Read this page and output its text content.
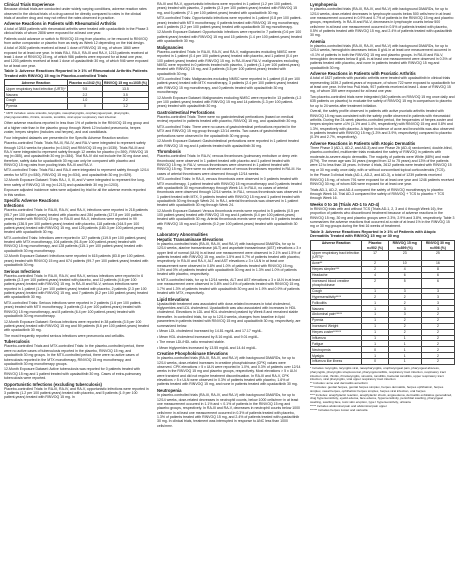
Clinical Trials Experience

Because clinical trials are conducted under widely varying conditions, adverse reaction rates observed in the clinical trials of a drug cannot be directly compared to rates in the clinical trials of another drug and may not reflect the rates observed in practice.

Adverse Reactions in Patients with Rheumatoid Arthritis

A total of 3853 patients with rheumatoid arthritis were treated with upadacitinib in the Phase 3 clinical trials of whom 2806 were exposed for at least one year.

Patients could advance or switch to RINVOQ 15 mg from placebo, or be rescued to RINVOQ from active comparator or placebo from as early as Week 12 depending on the trial design.

A total of 2630 patients received at least 1 dose of RINVOQ 15 mg, of whom 1860 were exposed for at least one year. In trials RA-I, RA-II, RA-III and RA-V, 1213 patients received at least 1 dose of RINVOQ 15 mg, of which 986 patients were exposed for at least one year, and 1203 patients received at least 1 dose of upadacitinib 30 mg, of which 946 were exposed for at least one year.

Table 1: Adverse Reactions Reported in ≥ 1% of Rheumatoid Arthritis Patients Treated with RINVOQ 15 mg in Placebo-controlled Trials

Adverse Reaction	Placebo n=1042 (%)	RINVOQ 15 mg n=1035 (%)
Upper respiratory tract infection (URTI)*	9.5	13.5
Nausea	2.2	3.5
Cough	1.0	2.2
Pyrexia	0	1.2

* URTI includes: acute sinusitis, laryngitis, nasopharyngitis, oropharyngeal pain, pharyngitis, pharyngotonsillitis, rhinitis, sinusitis, tonsillitis, viral upper respiratory tract infection

Other adverse reactions reported in less than 1% of patients in the RINVOQ 15 mg group and at a higher rate than in the placebo group through Week 12 included pneumonia, herpes zoster, herpes simplex (includes oral herpes), and oral candidiasis.

Four integrated datasets are presented in the Specific Adverse Reaction section:

Placebo-controlled Trials: Trials RA-III, RA-IV, and RA-V were integrated to represent safety through 12/14 weeks for placebo (n=1042) and RINVOQ 15 mg (n=1035). Trials RA-III and RA-V were integrated to represent safety through 12 weeks for placebo (n=390), RINVOQ 15 mg (n=385), and upadacitinib 30 mg (n=384). Trial RA-IV did not include the 30 mg dose and, therefore, safety data for upadacitinib 30 mg can only be compared with placebo and RINVOQ 15 mg rates from pooling trials RA-III and RA-V.

MTX-controlled Trials: Trials RA-I and RA-II were integrated to represent safety through 12/14 weeks for MTX (n=530), RINVOQ 15 mg (n=534), and upadacitinib 30 mg (n=529).

12-Month Exposure Dataset: Trials RA-I, II, III, and V were integrated to represent the long-term safety of RINVOQ 15 mg (n=1213) and upadacitinib 30 mg (n=1203).

Exposure adjusted incidence rates were adjusted by trial for all the adverse events reported in this section.

Specific Adverse Reactions

Infections

Placebo-controlled Trials: In RA-III, RA-IV, and RA-V, infections were reported in 218 patients (95.7 per 100 patient-years) treated with placebo and 284 patients (127.8 per 100 patient-years) treated with RINVOQ 15 mg. In RA-III and RA-V, infections were reported in 99 patients (136.5 per 100 patient-years) treated with placebo, 118 patients (164.5 per 100 patient-years) treated with RINVOQ 15 mg, and 126 patients (180.3 per 100 patient-years) treated with upadacitinib 30 mg.

MTX-controlled Trials: Infections were reported in 127 patients (119.5 per 100 patient-years) treated with MTX monotherapy, 104 patients (91.8 per 100 patient-years) treated with RINVOQ 15 mg monotherapy, and 128 patients (115.1 per 100 patient-years) treated with upadacitinib 30 mg monotherapy.

12-Month Exposure Dataset: Infections were reported in 615 patients (83.8 per 100 patient-years) treated with RINVOQ 15 mg and 674 patients (99.7 per 100 patient-years) treated with upadacitinib 30 mg.

Serious Infections

Placebo-controlled Trials: In RA-III, RA-IV, and RA-V, serious infections were reported in 6 patients (2.3 per 100 patient-years) treated with placebo, and 12 patients (4.6 per 100 patient-years) treated with RINVOQ 15 mg. In RA-III and RA-V, serious infections were reported in 1 patient (1.2 per 100 patient-years) treated with placebo, 2 patients (2.3 per 100 patient-years) treated with RINVOQ 15 mg, and 7 patients (8.2 per 100 patient-years) treated with upadacitinib 30 mg.

MTX-controlled Trials: Serious infections were reported in 2 patients (1.6 per 100 patient-years) treated with MTX monotherapy, 3 patients (2.4 per 100 patient-years) treated with RINVOQ 15 mg monotherapy, and 8 patients (6.4 per 100 patient-years) treated with upadacitinib 30 mg monotherapy.

12-Month Exposure Dataset: Serious infections were reported in 38 patients (3.5 per 100 patient-years) treated with RINVOQ 15 mg and 59 patients (5.6 per 100 patient-years) treated with upadacitinib 30 mg.

The most frequently reported serious infections were pneumonia and cellulitis.

Tuberculosis

Placebo-controlled Trials and MTX-controlled Trials: In the placebo-controlled period, there were no active cases of tuberculosis reported in the placebo, RINVOQ 15 mg, and upadacitinib 30 mg groups. In the MTX-controlled period, there were no active cases of tuberculosis reported in the MTX monotherapy, RINVOQ 15 mg monotherapy, and upadacitinib 30 mg monotherapy groups.

12-Month Exposure Dataset: Active tuberculosis was reported for 0 patients treated with RINVOQ 15 mg and 1 patient treated with upadacitinib 30 mg. Cases of extra-pulmonary tuberculosis were reported.

Opportunistic Infections (excluding tuberculosis)

Placebo-controlled Trials: In RA-III, RA-IV, and RA-V, opportunistic infections were reported in 3 patients (1.2 per 100 patient-years) treated with placebo, and 5 patients (1.9 per 100 patient-years) treated with RINVOQ 15 mg. In

RA-III and RA-V, opportunistic infections were reported in 1 patient (1.2 per 100 patient-years) treated with placebo, 2 patients (2.3 per 100 patient-years) treated with RINVOQ 15 mg, and 6 patients (7.1 per 100 patient-years) treated with upadacitinib 30 mg.

MTX-controlled Trials: Opportunistic infections were reported in 1 patient (0.8 per 100 patient-years) treated with MTX monotherapy, 0 patients treated with RINVOQ 15 mg monotherapy, and 4 patients (3.2 per 100 patient-years) treated with upadacitinib 30 mg monotherapy.

12-Month Exposure Dataset: Opportunistic infections were reported in 7 patients (0.6 per 100 patient-years) treated with RINVOQ 15 mg and 15 patients (1.4 per 100 patient-years) treated with upadacitinib 30 mg.

Malignancies

Placebo-controlled Trials: In RA-III, RA-IV, and RA-V, malignancies excluding NMSC were reported in 1 patient (0.4 per 100 patient-years) treated with placebo, and 1 patient (0.4 per 100 patient-years) treated with RINVOQ 15 mg. In RA-III and RA-V, malignancies excluding NMSC were reported in 0 patients treated with placebo, 1 patient (1.1 per 100 patient-years) treated with RINVOQ 15 mg, and 3 patients (3.5 per 100 patient-years) treated with upadacitinib 30 mg.

MTX-controlled Trials: Malignancies excluding NMSC were reported in 1 patient (0.8 per 100 patient-years) treated with MTX monotherapy, 3 patients (2.4 per 100 patient-years) treated with RINVOQ 15 mg monotherapy, and 0 patients treated with upadacitinib 30 mg monotherapy.

12-Month Exposure Dataset: Malignancies excluding NMSC were reported in 13 patients (1.2 per 100 patient-years) treated with RINVOQ 15 mg and 14 patients (1.3 per 100 patient-years) treated with upadacitinib 30 mg.

Gastrointestinal Perforations

Placebo-controlled Trials: There were no gastrointestinal perforations (based on medical review) reported in patients treated with placebo, RINVOQ 15 mg, and upadacitinib 30 mg.

MTX-controlled Trials: There were no cases of gastrointestinal perforations reported in the MTX and RINVOQ 15 mg group through 12/14 weeks. Two cases of gastrointestinal perforations were observed in the upadacitinib 30 mg group.

12-Month Exposure Dataset: Gastrointestinal perforations were reported in 1 patient treated with RINVOQ 15 mg and 4 patients treated with upadacitinib 30 mg.

Thrombosis

Placebo-controlled Trials: In RA-IV, venous thromboses (pulmonary embolism or deep vein thrombosis) were observed in 1 patient treated with placebo and 1 patient treated with RINVOQ 15 mg. In RA-V, venous thromboses were observed in 1 patient treated with RINVOQ 15 mg. There were no observed cases of venous thromboses reported in RA-III. No cases of arterial thromboses were observed through 12/14 weeks.

MTX-controlled Trials: In RA-II, venous thrombosis were observed in 0 patients treated with MTX monotherapy, 1 patient treated with RINVOQ 15 mg monotherapy and 0 patients treated with upadacitinib 30 mg monotherapy through Week 14. In RA-II, no cases of arterial thrombosis were observed through 12/14 weeks. In RA-I, venous thrombosis was observed in 1 patient treated with MTX, 0 patients treated with RINVOQ 15 mg and 1 patient treated with upadacitinib 30 mg through Week 24. In RA-I, arterial thrombosis was observed in 1 patient treated with upadacitinib 30 mg through Week 24.

12-Month Exposure Dataset: Venous thrombosis events were reported in 5 patients (0.5 per 100 patient-years) treated with RINVOQ 15 mg and 4 patients (0.4 per 100 patient-years) treated with upadacitinib 30 mg. Arterial thrombosis events were reported in 0 patients treated with RINVOQ 15 mg and 2 patients (0.2 per 100 patient-years) treated with upadacitinib 30 mg.

Laboratory Abnormalities

Hepatic Transaminase Elevations

In placebo-controlled trials (RA-III, RA-IV, and RA-V) with background DMARDs, for up to 12/14 weeks, alanine transaminase (ALT) and aspartate transaminase (AST) elevations ≥ 3 x upper limit of normal (ULN) in at least one measurement were observed in 2.1% and 1.5% of patients treated with RINVOQ 15 mg, and in 1.5% and 0.7% of patients treated with placebo, respectively. In RA-III and RA-V, ALT and AST elevations ≥ 3 x ULN in at least one measurement were observed in 0.8% and 1.0% of patients treated with RINVOQ 15 mg, 1.0% and 0% of patients treated with upadacitinib 30 mg and in 1.3% and 1.0% of patients treated with placebo, respectively.

In MTX-controlled trials, for up to 12/14 weeks, ALT and AST elevations ≥ 3 x ULN in at least one measurement were observed in 0.8% and 0.4% of patients treated with RINVOQ 15 mg, 1.7% and 1.3% of patients treated with upadacitinib 30 mg and in 1.9% and 0.9% of patients treated with MTX, respectively.

Lipid Elevations

Upadacitinib treatment was associated with dose-related increases in total cholesterol, triglycerides and LDL cholesterol. Upadacitinib was also associated with increases in HDL cholesterol. Elevations in LDL and HDL cholesterol peaked by Week 8 and remained stable thereafter. In controlled trials, for up to 12/14 weeks, changes from baseline in lipid parameters in patients treated with RINVOQ 15 mg and upadacitinib 30 mg, respectively, are summarized below:

• Mean LDL cholesterol increased by 14.81 mg/dL and 17.17 mg/dL.

• Mean HDL cholesterol increased by 8.16 mg/dL and 9.01 mg/dL.

• The mean LDL/HDL ratio remained stable.

• Mean triglycerides increased by 13.55 mg/dL and 14.44 mg/dL.

Creatine Phosphokinase Elevations

In placebo-controlled trials (RA-III, RA-IV, and RA-V) with background DMARDs, for up to 12/14 weeks, dose-related increases in creatine phosphokinase (CPK) values were observed. CPK elevations > 5 x ULN were reported in 1.0%, and 0.3% of patients over 12/14 weeks in the RINVOQ 15 mg and placebo groups, respectively. Most elevations > 5 x ULN were transient and did not require treatment discontinuation. In RA-III and RA-V, CPK elevations > 5 x ULN were observed in 0.3% of patients treated with placebo, 1.6% of patients treated with RINVOQ 15 mg, and none in patients treated with upadacitinib 30 mg.

Neutropenia

In placebo-controlled trials (RA-III, RA-IV, and RA-V) with background DMARDs, for up to 12/14 weeks, dose-related decreases in neutrophil counts, below 1000 cells/mm³ in at least one measurement occurred in 1.1% and < 0.1% of patients in the RINVOQ 15 mg and placebo groups, respectively. In RA-III and RA-V, decreases in neutrophil counts below 1000 cells/mm³ in at least one measurement occurred in 0.3% of patients treated with placebo, 1.3% of patients treated with RINVOQ 15 mg, and 2.4% of patients treated with upadacitinib 30 mg. In clinical trials, treatment was interrupted in response to ANC less than 1000 cells/mm³.

Lymphopenia

In placebo-controlled trials (RA-III, RA-IV, and RA-V) with background DMARDs, for up to 12/14 weeks, dose-related decreases in lymphocyte counts below 500 cells/mm³ in at least one measurement occurred in 0.9% and 0.7% of patients in the RINVOQ 15 mg and placebo groups, respectively. In RA-III and RA-V, decreases in lymphocyte counts below 500 cells/mm³ in at least one measurement occurred in 0.5% of patients treated with placebo, 0.5% of patients treated with RINVOQ 15 mg, and 2.4% of patients treated with upadacitinib 30 mg.

Anemia

In placebo-controlled trials (RA-III, RA-IV, and RA-V) with background DMARDs, for up to 12/14 weeks, hemoglobin decreases below 8 g/dL in at least one measurement occurred in <0.1% of patients in both the RINVOQ 15 mg and placebo groups. In RA-III and RA-V, hemoglobin decreases below 8 g/dL in at least one measurement were observed in 0.3% of patients treated with placebo, and none in patients treated with RINVOQ 15 mg and upadacitinib 30 mg.

Adverse Reactions in Patients with Psoriatic Arthritis

A total of 1827 patients with psoriatic arthritis were treated with upadacitinib in clinical trials representing 1639.2 patient-years of exposure, of whom 722 were exposed to upadacitinib for at least one year. In the two PsA trials, 907 patients received at least 1 dose of RINVOQ 15 mg, of whom 359 were exposed for at least one year.

Two placebo-controlled trials were integrated (640 patients on RINVOQ 15 mg once daily and 635 patients on placebo) to evaluate the safety of RINVOQ 15 mg in comparison to placebo for up to 24 weeks after treatment initiation.

Overall, the safety profile observed in patients with active psoriatic arthritis treated with RINVOQ 15 mg was consistent with the safety profile observed in patients with rheumatoid arthritis. During the 24-week placebo-controlled period, the frequencies of herpes zoster and herpes simplex were ≥1% (1.1% and 1.4%, respectively) with RINVOQ 15 mg and 0.8% and 1.3%, respectively with placebo. A higher incidence of acne and bronchitis was also observed in patients treated with RINVOQ 15 mg (1.3% and 3.9%, respectively) compared to placebo (0.3% and 2.7%, respectively).

Adverse Reactions in Patients with Atopic Dermatitis

Three Phase 3 (AD-1, AD-2, and AD-3) and one Phase 2b (AD-4) randomized, double-blind, placebo-controlled, multicenter trials evaluated the safety of RINVOQ in patients with moderate-to-severe atopic dermatitis. The majority of patients were White (68%) and male (57%). The mean age was 34 years (ranged from 12 to 75 years) and 13% of the patients were 12 to less than 18 years. In these 4 trials, 2612 patients were treated with RINVOQ 15 mg or 30 mg orally once daily, with or without concomitant topical corticosteroids (TCS).

In the Phase 3 clinical trials (AD-1, AD-2, and AD-3), a total of 1239 patients received RINVOQ 15 mg, of whom 791 were exposed for at least one year and 1246 patients received RINVOQ 30 mg, of whom 826 were exposed for at least one year.

Trials AD-1, AD-2, and AD-4 compared the safety of RINVOQ monotherapy to placebo through Week 16. Trial AD-3 compared the safety of RINVOQ + TCS to placebo + TCS through Week 16.

Weeks 0 to 16 (Trials AD-1 to AD-4)

In RINVOQ trials with and without TCS (Trials AD-1, 2, 3 and 4 through Week 16), the proportion of patients who discontinued treatment because of adverse reactions in the RINVOQ 15 mg, 30 mg and placebo groups were 2.3%, 2.9% and 3.8%, respectively. Table 3 summarizes the adverse reactions that occurred at a rate of at least 1% in the RINVOQ 15 mg or 30 mg groups during the first 16 weeks of treatment.

Table 3: Adverse Reactions Reported in ≥ 1% of Patients with Atopic Dermatitis Treated with RINVOQ 15 mg or 30 mg

Adverse Reaction	Placebo n=902 (%)	RINVOQ 15 mg n=899 (%)	RINVOQ 30 mg n=906 (%)
Upper respiratory tract infection (URTI)*	17	23	25
Acne**	2	10	16
Herpes simplex***	2	4	8
Headache	4	6	6
Increased blood creatine phosphokinase	2	5	6
Cough	1	3	3
Hypersensitivity****	2	2	3
Folliculitis	1	2	3
Nausea	1	3	3
Abdominal pain*****	1	3	2
Pyrexia	1	2	2
Increased Weight	1	2	2
Herpes zoster******	1	2	2
Influenza	1	1	2
Fatigue	1	1	2
Neutropenia	0	1	2
Myalgia	1	1	2
Influenza like illness	0	1	2

* Includes: laryngitis, laryngitis viral, nasopharyngitis, oropharyngeal pain, pharyngeal abscess, pharyngitis, pharyngitis streptococcal, pharyngotonsillitis, respiratory tract infection, respiratory tract infection viral, rhinitis, rhinolaryngitis, sinusitis, tonsillitis, bacterial tonsillitis, upper respiratory tract infection, viral pharyngitis, viral upper respiratory tract infection
** Includes: acne and dermatitis acneiform
*** Includes: genital herpes, genital herpes simplex, herpes dermatitis, herpes ophthalmic, herpes simplex, nasal herpes, ophthalmic herpes simplex, herpes viral infection, oral herpes
**** Includes: anaphylactic reaction, anaphylactic shock, angioedema, dermatitis exfoliative generalized, drug hypersensitivity, eyelid edema, face edema, hypersensitivity, periorbital swelling, pharyngeal swelling, swelling face, toxic skin eruption, type I hypersensitivity, urticaria
***** Includes abdominal pain and abdominal pain upper
****** Includes herpes zoster and varicella
